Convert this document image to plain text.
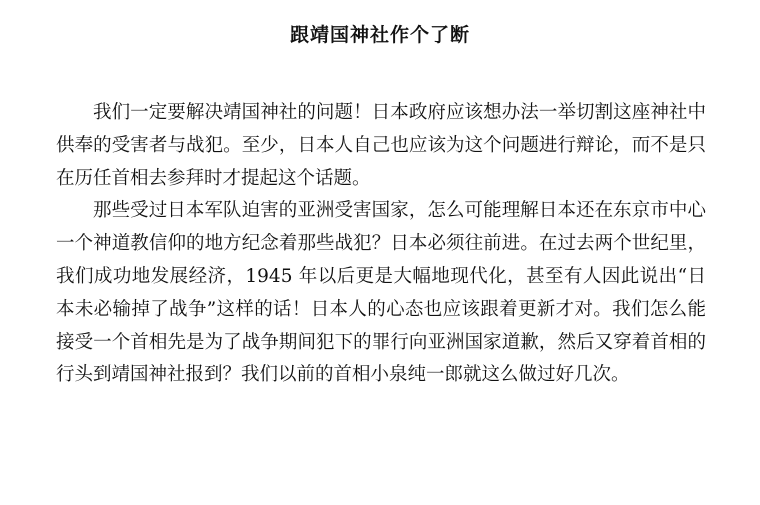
跟靖国神社作个了断

我们一定要解决靖国神社的问题！日本政府应该想办法一举切割这座神社中供奉的受害者与战犯。至少，日本人自己也应该为这个问题进行辩论，而不是只在历任首相去参拜时才提起这个话题。

那些受过日本军队迫害的亚洲受害国家，怎么可能理解日本还在东京市中心一个神道教信仰的地方纪念着那些战犯？日本必须往前进。在过去两个世纪里，我们成功地发展经济，1945 年以后更是大幅地现代化，甚至有人因此说出“日本未必输掉了战争”这样的话！日本人的心态也应该跟着更新才对。我们怎么能接受一个首相先是为了战争期间犯下的罪行向亚洲国家道歉，然后又穿着首相的行头到靖国神社报到？我们以前的首相小泉纯一郎就这么做过好几次。
